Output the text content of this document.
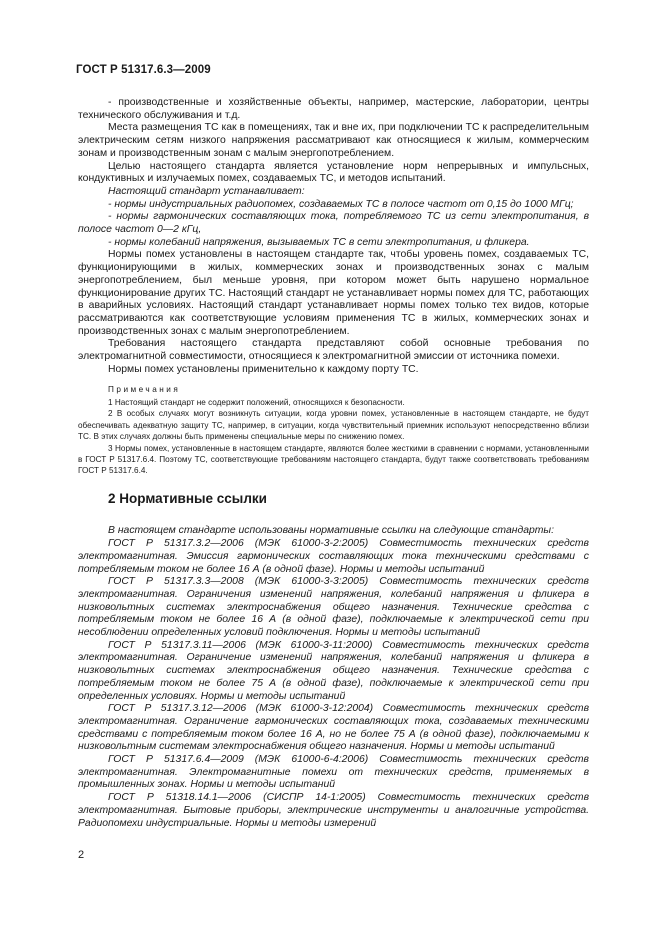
ГОСТ Р 51317.6.3—2009

- производственные и хозяйственные объекты, например, мастерские, лаборатории, центры технического обслуживания и т.д.

Места размещения ТС как в помещениях, так и вне их, при подключении ТС к распределительным электрическим сетям низкого напряжения рассматривают как относящиеся к жилым, коммерческим зонам и производственным зонам с малым энергопотреблением.

Целью настоящего стандарта является установление норм непрерывных и импульсных, кондуктивных и излучаемых помех, создаваемых ТС, и методов испытаний.

Настоящий стандарт устанавливает:

- нормы индустриальных радиопомех, создаваемых ТС в полосе частот от 0,15 до 1000 МГц;

- нормы гармонических составляющих тока, потребляемого ТС из сети электропитания, в полосе частот 0—2 кГц,

- нормы колебаний напряжения, вызываемых ТС в сети электропитания, и фликера.

Нормы помех установлены в настоящем стандарте так, чтобы уровень помех, создаваемых ТС, функционирующими в жилых, коммерческих зонах и производственных зонах с малым энергопотреблением, был меньше уровня, при котором может быть нарушено нормальное функционирование других ТС. Настоящий стандарт не устанавливает нормы помех для ТС, работающих в аварийных условиях. Настоящий стандарт устанавливает нормы помех только тех видов, которые рассматриваются как соответствующие условиям применения ТС в жилых, коммерческих зонах и производственных зонах с малым энергопотреблением.

Требования настоящего стандарта представляют собой основные требования по электромагнитной совместимости, относящиеся к электромагнитной эмиссии от источника помехи.

Нормы помех установлены применительно к каждому порту ТС.

Примечания

1 Настоящий стандарт не содержит положений, относящихся к безопасности.

2 В особых случаях могут возникнуть ситуации, когда уровни помех, установленные в настоящем стандарте, не будут обеспечивать адекватную защиту ТС, например, в ситуации, когда чувствительный приемник используют непосредственно вблизи ТС. В этих случаях должны быть применены специальные меры по снижению помех.

3 Нормы помех, установленные в настоящем стандарте, являются более жесткими в сравнении с нормами, установленными в ГОСТ Р 51317.6.4. Поэтому ТС, соответствующие требованиям настоящего стандарта, будут также соответствовать требованиям ГОСТ Р 51317.6.4.

2 Нормативные ссылки

В настоящем стандарте использованы нормативные ссылки на следующие стандарты:

ГОСТ Р 51317.3.2—2006 (МЭК 61000-3-2:2005) Совместимость технических средств электромагнитная. Эмиссия гармонических составляющих тока техническими средствами с потребляемым током не более 16 А (в одной фазе). Нормы и методы испытаний

ГОСТ Р 51317.3.3—2008 (МЭК 61000-3-3:2005) Совместимость технических средств электромагнитная. Ограничения изменений напряжения, колебаний напряжения и фликера в низковольтных системах электроснабжения общего назначения. Технические средства с потребляемым током не более 16 А (в одной фазе), подключаемые к электрической сети при несоблюдении определенных условий подключения. Нормы и методы испытаний

ГОСТ Р 51317.3.11—2006 (МЭК 61000-3-11:2000) Совместимость технических средств электромагнитная. Ограничение изменений напряжения, колебаний напряжения и фликера в низковольтных системах электроснабжения общего назначения. Технические средства с потребляемым током не более 75 А (в одной фазе), подключаемые к электрической сети при определенных условиях. Нормы и методы испытаний

ГОСТ Р 51317.3.12—2006 (МЭК 61000-3-12:2004) Совместимость технических средств электромагнитная. Ограничение гармонических составляющих тока, создаваемых техническими средствами с потребляемым током более 16 А, но не более 75 А (в одной фазе), подключаемыми к низковольтным системам электроснабжения общего назначения. Нормы и методы испытаний

ГОСТ Р 51317.6.4—2009 (МЭК 61000-6-4:2006) Совместимость технических средств электромагнитная. Электромагнитные помехи от технических средств, применяемых в промышленных зонах. Нормы и методы испытаний

ГОСТ Р 51318.14.1—2006 (СИСПР 14-1:2005) Совместимость технических средств электромагнитная. Бытовые приборы, электрические инструменты и аналогичные устройства. Радиопомехи индустриальные. Нормы и методы измерений

2
